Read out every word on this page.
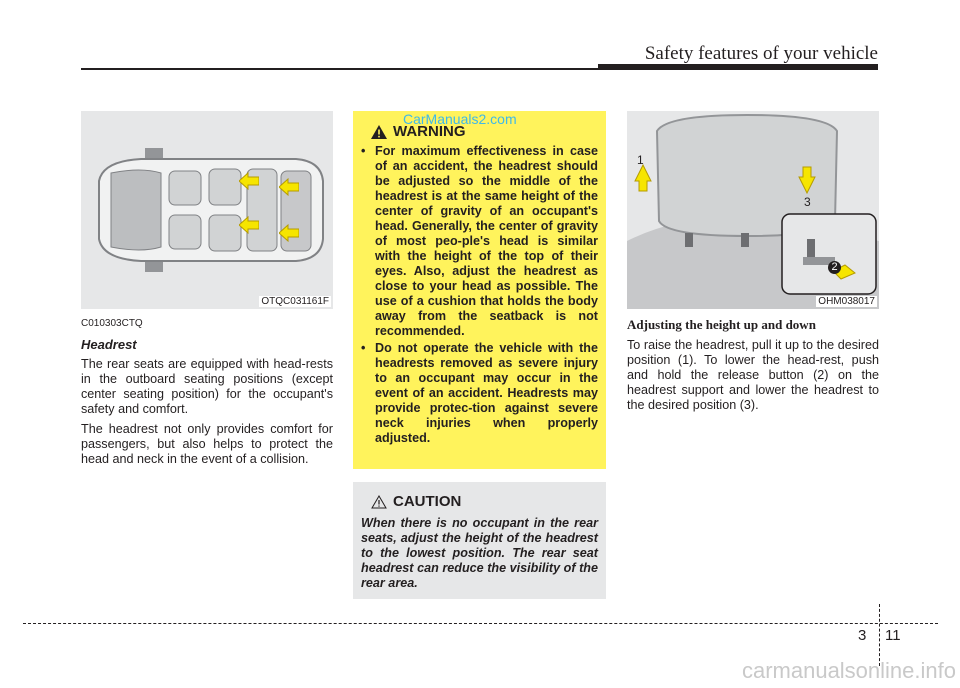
Safety features of your vehicle
OTQC031161F
C010303CTQ
Headrest

The rear seats are equipped with head-rests in the outboard seating positions (except center seating position) for the occupant's safety and comfort.

The headrest not only provides comfort for passengers, but also helps to protect the head and neck in the event of a collision.

CarManuals2.com
WARNING
• For maximum effectiveness in case of an accident, the headrest should be adjusted so the middle of the headrest is at the same height of the center of gravity of an occupant's head. Generally, the center of gravity of most peo-ple's head is similar with the height of the top of their eyes. Also, adjust the headrest as close to your head as possible. The use of a cushion that holds the body away from the seatback is not recommended.
• Do not operate the vehicle with the headrests removed as severe injury to an occupant may occur in the event of an accident. Headrests may provide protec-tion against severe neck injuries when properly adjusted.
CAUTION
When there is no occupant in the rear seats, adjust the height of the headrest to the lowest position. The rear seat headrest can reduce the visibility of the rear area.
1
2
3
OHM038017
Adjusting the height up and down

To raise the headrest, pull it up to the desired position (1). To lower the head-rest, push and hold the release button (2) on the headrest support and lower the headrest to the desired position (3).

3 11
carmanualsonline.info
